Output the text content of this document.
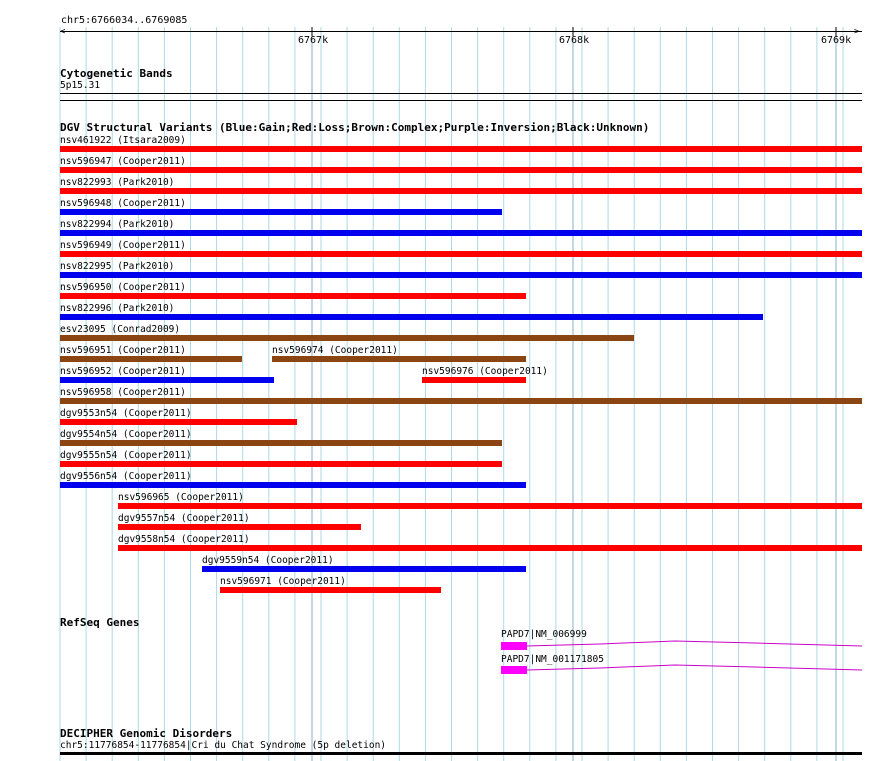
chr5:6766034..6769085
<	>
6767k	6768k	6769k
Cytogenetic Bands
5p15.31
DGV Structural Variants (Blue:Gain;Red:Loss;Brown:Complex;Purple:Inversion;Black:Unknown)
nsv461922 (Itsara2009)
nsv596947 (Cooper2011)
nsv822993 (Park2010)
nsv596948 (Cooper2011)
nsv822994 (Park2010)
nsv596949 (Cooper2011)
nsv822995 (Park2010)
nsv596950 (Cooper2011)
nsv822996 (Park2010)
esv23095 (Conrad2009)
nsv596951 (Cooper2011)	nsv596974 (Cooper2011)
nsv596952 (Cooper2011)	nsv596976 (Cooper2011)
nsv596958 (Cooper2011)
dgv9553n54 (Cooper2011)
dgv9554n54 (Cooper2011)
dgv9555n54 (Cooper2011)
dgv9556n54 (Cooper2011)
nsv596965 (Cooper2011)
dgv9557n54 (Cooper2011)
dgv9558n54 (Cooper2011)
dgv9559n54 (Cooper2011)
nsv596971 (Cooper2011)
RefSeq Genes
PAPD7|NM_006999
PAPD7|NM_001171805
DECIPHER Genomic Disorders
chr5:11776854-11776854|Cri du Chat Syndrome (5p deletion)
